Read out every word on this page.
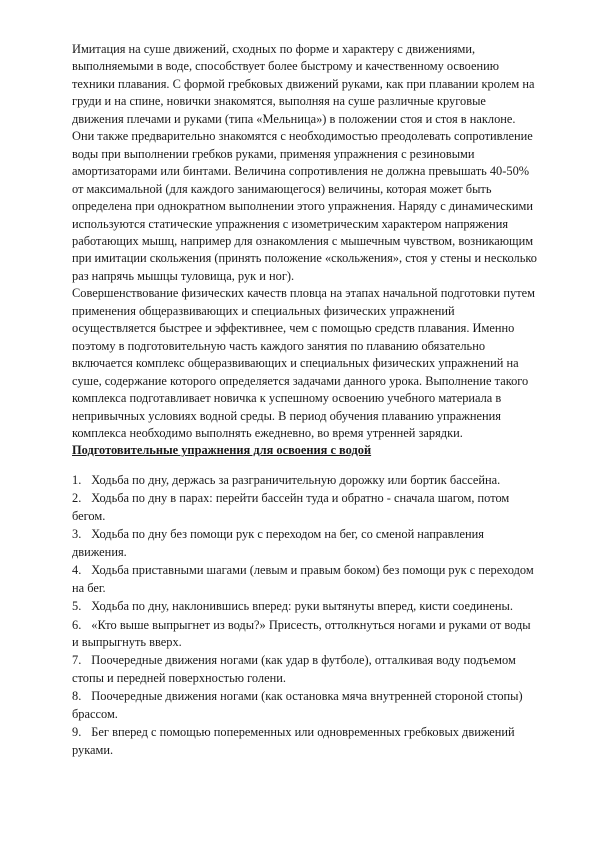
Имитация на суше движений, сходных по форме и характеру с движениями, выполняемыми в воде, способствует более быстрому и качественному освоению техники плавания. С формой гребковых движений руками, как при плавании кролем на груди и на спине, новички знакомятся, выполняя на суше различные круговые движения плечами и руками (типа «Мельница») в положении стоя и стоя в наклоне. Они также предварительно знакомятся с необходимостью преодолевать сопротивление воды при выполнении гребков руками, применяя упражнения с резиновыми амортизаторами или бинтами. Величина сопротивления не должна превышать 40-50% от максимальной (для каждого занимающегося) величины, которая может быть определена при однократном выполнении этого упражнения. Наряду с динамическими используются статические упражнения с изометрическим характером напряжения работающих мышц, например для ознакомления с мышечным чувством, возникающим при имитации скольжения (принять положение «скольжения», стоя у стены и несколько раз напрячь мышцы туловища, рук и ног).

Совершенствование физических качеств пловца на этапах начальной подготовки путем применения общеразвивающих и специальных физических упражнений осуществляется быстрее и эффективнее, чем с помощью средств плавания. Именно поэтому в подготовительную часть каждого занятия по плаванию обязательно включается комплекс общеразвивающих и специальных физических упражнений на суше, содержание которого определяется задачами данного урока. Выполнение такого комплекса подготавливает новичка к успешному освоению учебного материала в непривычных условиях водной среды. В период обучения плаванию упражнения комплекса необходимо выполнять ежедневно, во время утренней зарядки.

Подготовительные упражнения для освоения с водой

1. Ходьба по дну, держась за разграничительную дорожку или бортик бассейна.
2. Ходьба по дну в парах: перейти бассейн туда и обратно - сначала шагом, потом бегом.
3. Ходьба по дну без помощи рук с переходом на бег, со сменой направления движения.
4. Ходьба приставными шагами (левым и правым боком) без помощи рук с переходом на бег.
5. Ходьба по дну, наклонившись вперед: руки вытянуты вперед, кисти соединены.
6. «Кто выше выпрыгнет из воды?» Присесть, оттолкнуться ногами и руками от воды и выпрыгнуть вверх.
7. Поочередные движения ногами (как удар в футболе), отталкивая воду подъемом стопы и передней поверхностью голени.
8. Поочередные движения ногами (как остановка мяча внутренней стороной стопы) брассом.
9. Бег вперед с помощью попеременных или одновременных гребковых движений руками.
